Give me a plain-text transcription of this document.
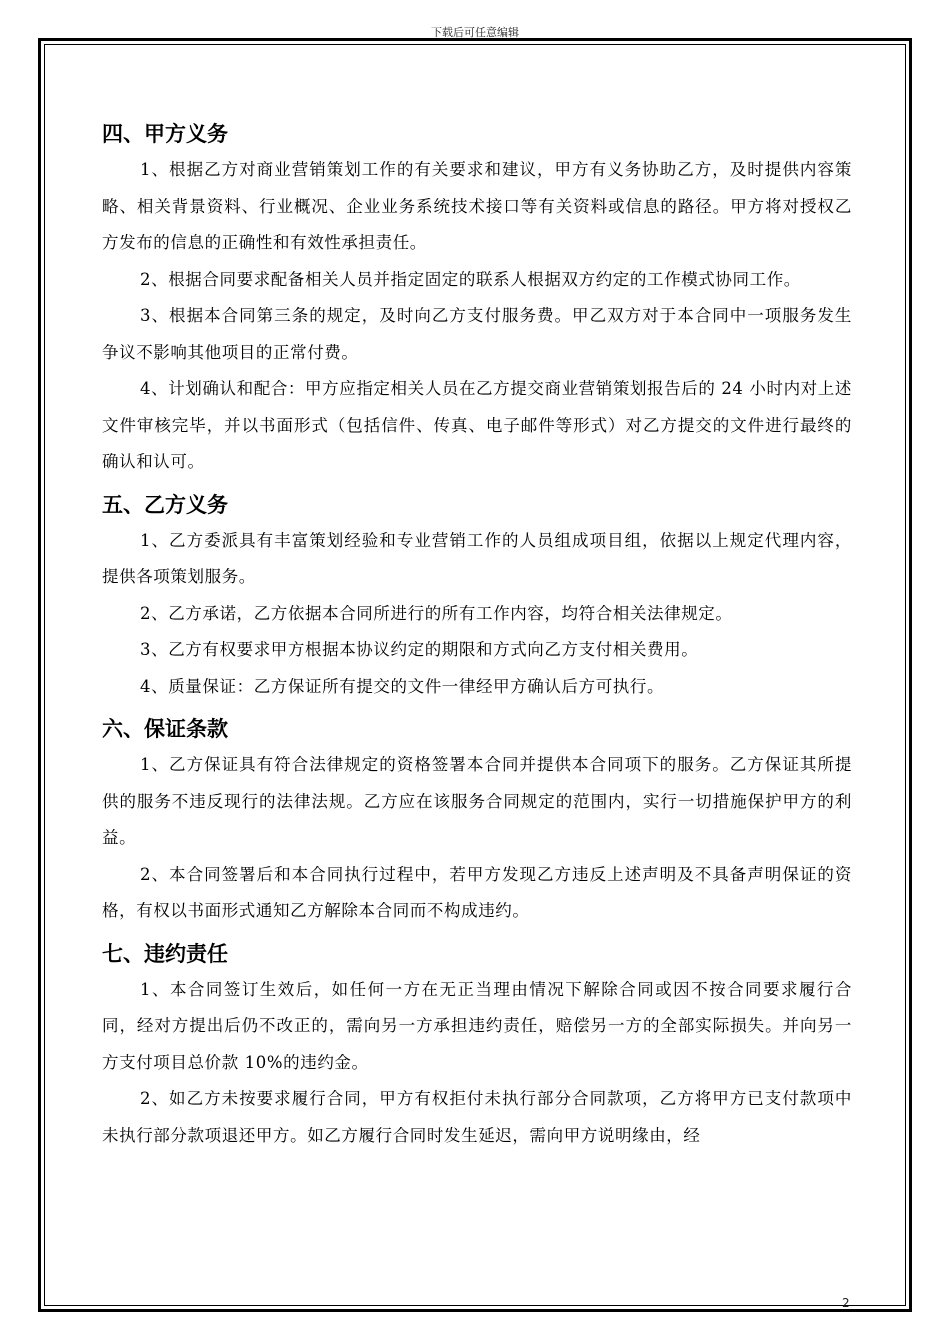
下载后可任意编辑
四、甲方义务

1、根据乙方对商业营销策划工作的有关要求和建议，甲方有义务协助乙方，及时提供内容策略、相关背景资料、行业概况、企业业务系统技术接口等有关资料或信息的路径。甲方将对授权乙方发布的信息的正确性和有效性承担责任。

2、根据合同要求配备相关人员并指定固定的联系人根据双方约定的工作模式协同工作。

3、根据本合同第三条的规定，及时向乙方支付服务费。甲乙双方对于本合同中一项服务发生争议不影响其他项目的正常付费。

4、计划确认和配合：甲方应指定相关人员在乙方提交商业营销策划报告后的 24 小时内对上述文件审核完毕，并以书面形式（包括信件、传真、电子邮件等形式）对乙方提交的文件进行最终的确认和认可。

五、乙方义务

1、乙方委派具有丰富策划经验和专业营销工作的人员组成项目组，依据以上规定代理内容，提供各项策划服务。

2、乙方承诺，乙方依据本合同所进行的所有工作内容，均符合相关法律规定。

3、乙方有权要求甲方根据本协议约定的期限和方式向乙方支付相关费用。

4、质量保证：乙方保证所有提交的文件一律经甲方确认后方可执行。

六、保证条款

1、乙方保证具有符合法律规定的资格签署本合同并提供本合同项下的服务。乙方保证其所提供的服务不违反现行的法律法规。乙方应在该服务合同规定的范围内，实行一切措施保护甲方的利益。

2、本合同签署后和本合同执行过程中，若甲方发现乙方违反上述声明及不具备声明保证的资格，有权以书面形式通知乙方解除本合同而不构成违约。

七、违约责任

1、本合同签订生效后，如任何一方在无正当理由情况下解除合同或因不按合同要求履行合同，经对方提出后仍不改正的，需向另一方承担违约责任，赔偿另一方的全部实际损失。并向另一方支付项目总价款 10%的违约金。

2、如乙方未按要求履行合同，甲方有权拒付未执行部分合同款项，乙方将甲方已支付款项中未执行部分款项退还甲方。如乙方履行合同时发生延迟，需向甲方说明缘由，经

2
